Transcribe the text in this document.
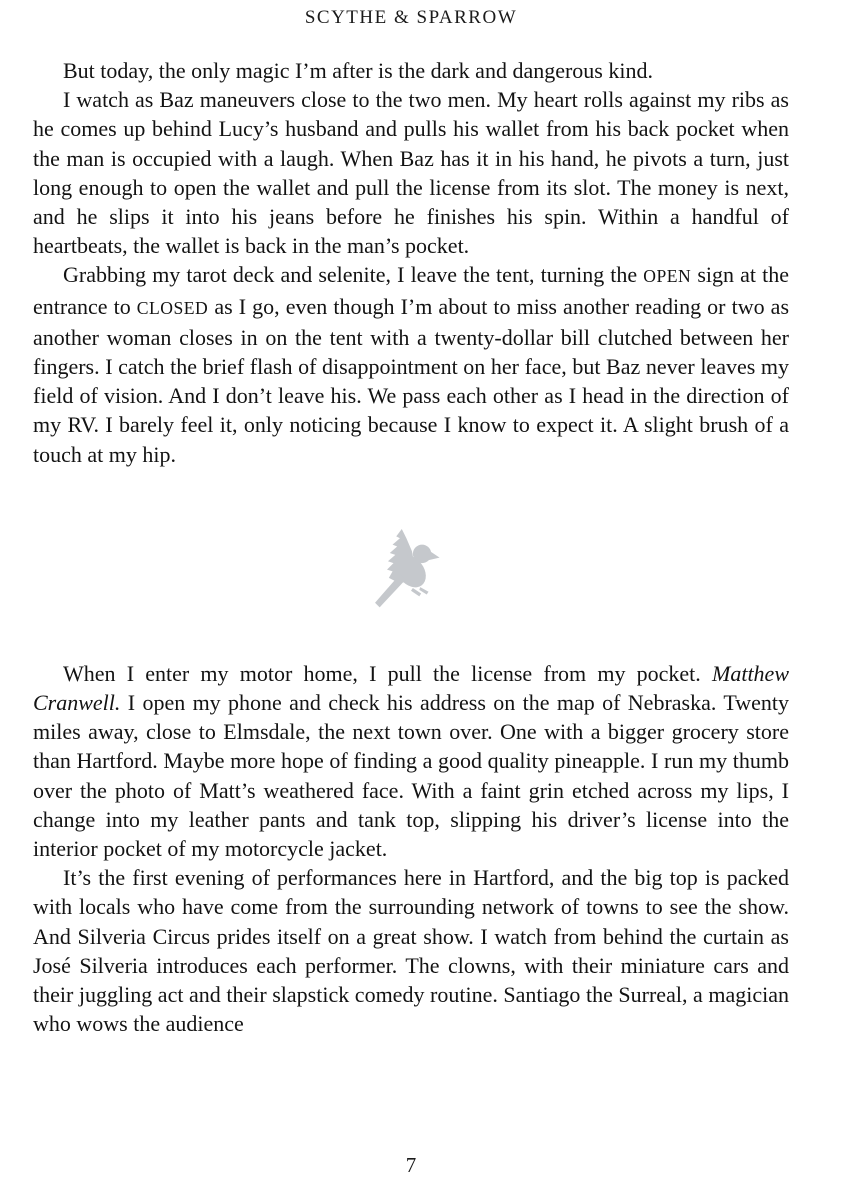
SCYTHE & SPARROW

But today, the only magic I’m after is the dark and dangerous kind.

I watch as Baz maneuvers close to the two men. My heart rolls against my ribs as he comes up behind Lucy’s husband and pulls his wallet from his back pocket when the man is occupied with a laugh. When Baz has it in his hand, he pivots a turn, just long enough to open the wallet and pull the license from its slot. The money is next, and he slips it into his jeans before he finishes his spin. Within a handful of heartbeats, the wallet is back in the man’s pocket.

Grabbing my tarot deck and selenite, I leave the tent, turning the OPEN sign at the entrance to CLOSED as I go, even though I’m about to miss another reading or two as another woman closes in on the tent with a twenty-dollar bill clutched between her fingers. I catch the brief flash of disappointment on her face, but Baz never leaves my field of vision. And I don’t leave his. We pass each other as I head in the direction of my RV. I barely feel it, only noticing because I know to expect it. A slight brush of a touch at my hip.

When I enter my motor home, I pull the license from my pocket. Matthew Cranwell. I open my phone and check his address on the map of Nebraska. Twenty miles away, close to Elmsdale, the next town over. One with a bigger grocery store than Hartford. Maybe more hope of finding a good quality pineapple. I run my thumb over the photo of Matt’s weathered face. With a faint grin etched across my lips, I change into my leather pants and tank top, slipping his driver’s license into the interior pocket of my motorcycle jacket.

It’s the first evening of performances here in Hartford, and the big top is packed with locals who have come from the surrounding network of towns to see the show. And Silveria Circus prides itself on a great show. I watch from behind the curtain as José Silveria introduces each performer. The clowns, with their miniature cars and their juggling act and their slapstick comedy routine. Santiago the Surreal, a magician who wows the audience

7
